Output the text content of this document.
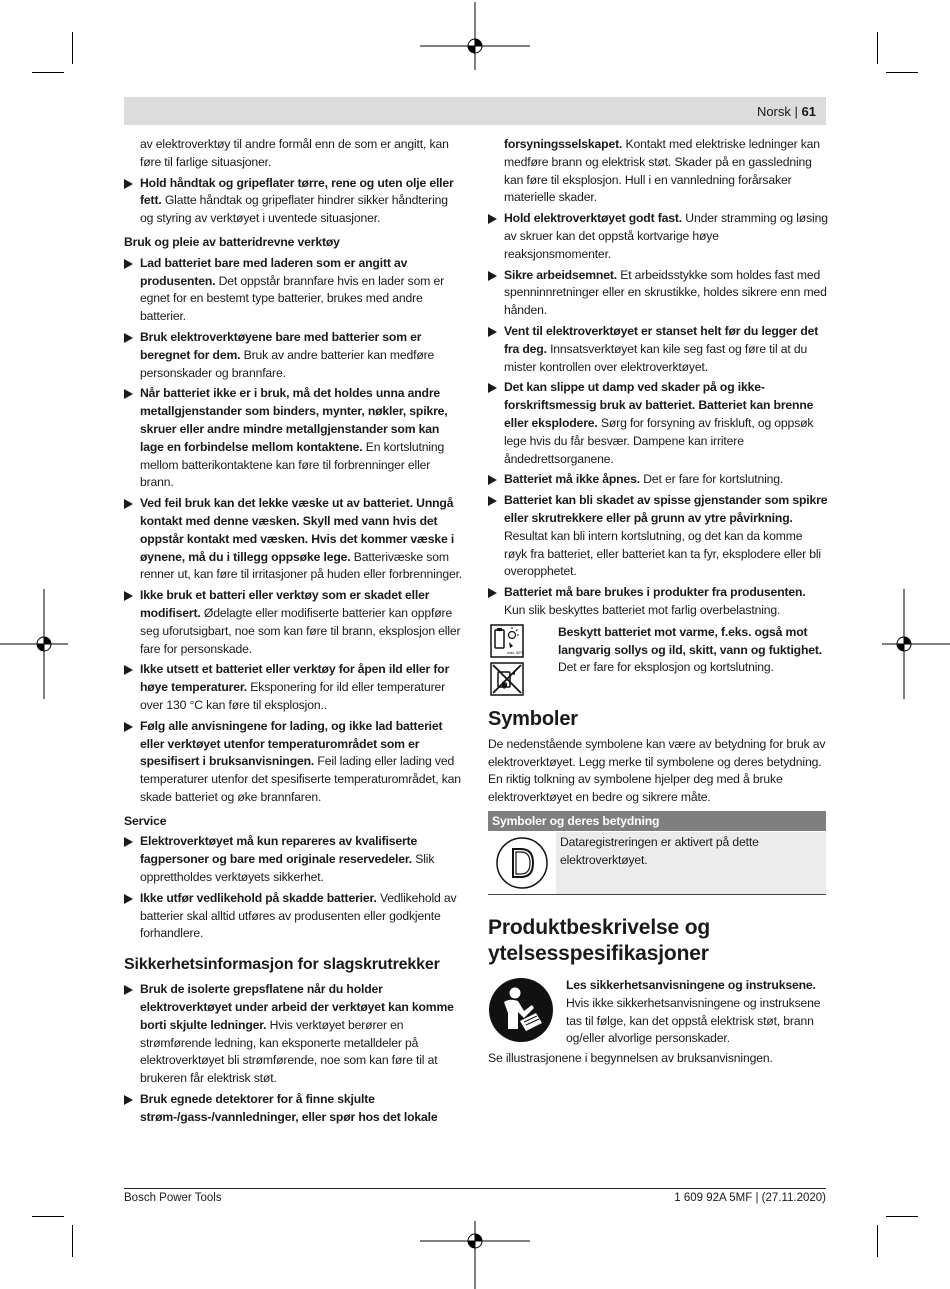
Norsk | 61
av elektroverktøy til andre formål enn de som er angitt, kan føre til farlige situasjoner.
Hold håndtak og gripeflater tørre, rene og uten olje eller fett. Glatte håndtak og gripeflater hindrer sikker håndtering og styring av verktøyet i uventede situasjoner.
Bruk og pleie av batteridrevne verktøy
Lad batteriet bare med laderen som er angitt av produsenten. Det oppstår brannfare hvis en lader som er egnet for en bestemt type batterier, brukes med andre batterier.
Bruk elektroverktøyene bare med batterier som er beregnet for dem. Bruk av andre batterier kan medføre personskader og brannfare.
Når batteriet ikke er i bruk, må det holdes unna andre metallgjenstander som binders, mynter, nøkler, spikre, skruer eller andre mindre metallgjenstander som kan lage en forbindelse mellom kontaktene. En kortslutning mellom batterikontaktene kan føre til forbrenninger eller brann.
Ved feil bruk kan det lekke væske ut av batteriet. Unngå kontakt med denne væsken. Skyll med vann hvis det oppstår kontakt med væsken. Hvis det kommer væske i øynene, må du i tillegg oppsøke lege. Batterivæske som renner ut, kan føre til irritasjoner på huden eller forbrenninger.
Ikke bruk et batteri eller verktøy som er skadet eller modifisert. Ødelagte eller modifiserte batterier kan oppføre seg uforutsigbart, noe som kan føre til brann, eksplosjon eller fare for personskade.
Ikke utsett et batteriet eller verktøy for åpen ild eller for høye temperaturer. Eksponering for ild eller temperaturer over 130 °C kan føre til eksplosjon..
Følg alle anvisningene for lading, og ikke lad batteriet eller verktøyet utenfor temperaturområdet som er spesifisert i bruksanvisningen. Feil lading eller lading ved temperaturer utenfor det spesifiserte temperaturområdet, kan skade batteriet og øke brannfaren.
Service
Elektroverktøyet må kun repareres av kvalifiserte fagpersoner og bare med originale reservedeler. Slik opprettholdes verktøyets sikkerhet.
Ikke utfør vedlikehold på skadde batterier. Vedlikehold av batterier skal alltid utføres av produsenten eller godkjente forhandlere.
Sikkerhetsinformasjon for slagskrutrekker
Bruk de isolerte grepsflatene når du holder elektroverktøyet under arbeid der verktøyet kan komme borti skjulte ledninger. Hvis verktøyet berører en strømførende ledning, kan eksponerte metalldeler på elektroverktøyet bli strømførende, noe som kan føre til at brukeren får elektrisk støt.
Bruk egnede detektorer for å finne skjulte strøm-/gass-/vannledninger, eller spør hos det lokale
forsyningsselskapet. Kontakt med elektriske ledninger kan medføre brann og elektrisk støt. Skader på en gassledning kan føre til eksplosjon. Hull i en vannledning forårsaker materielle skader.
Hold elektroverktøyet godt fast. Under stramming og løsing av skruer kan det oppstå kortvarige høye reaksjonsmomenter.
Sikre arbeidsemnet. Et arbeidsstykke som holdes fast med spenninnretninger eller en skrustikke, holdes sikrere enn med hånden.
Vent til elektroverktøyet er stanset helt før du legger det fra deg. Innsatsverktøyet kan kile seg fast og føre til at du mister kontrollen over elektroverktøyet.
Det kan slippe ut damp ved skader på og ikke-forskriftsmessig bruk av batteriet. Batteriet kan brenne eller eksplodere. Sørg for forsyning av friskluft, og oppsøk lege hvis du får besvær. Dampene kan irritere åndedrettsorganene.
Batteriet må ikke åpnes. Det er fare for kortslutning.
Batteriet kan bli skadet av spisse gjenstander som spikre eller skrutrekkere eller på grunn av ytre påvirkning. Resultat kan bli intern kortslutning, og det kan da komme røyk fra batteriet, eller batteriet kan ta fyr, eksplodere eller bli overopphetet.
Batteriet må bare brukes i produkter fra produsenten. Kun slik beskyttes batteriet mot farlig overbelastning.
max. 50°C
Beskytt batteriet mot varme, f.eks. også mot langvarig sollys og ild, skitt, vann og fuktighet. Det er fare for eksplosjon og kortslutning.
Symboler
De nedenstående symbolene kan være av betydning for bruk av elektroverktøyet. Legg merke til symbolene og deres betydning. En riktig tolkning av symbolene hjelper deg med å bruke elektroverktøyet en bedre og sikrere måte.
Symboler og deres betydning
Dataregistreringen er aktivert på dette elektroverktøyet.
Produktbeskrivelse og ytelsesspesifikasjoner
Les sikkerhetsanvisningene og instruksene. Hvis ikke sikkerhetsanvisningene og instruksene tas til følge, kan det oppstå elektrisk støt, brann og/eller alvorlige personskader.
Se illustrasjonene i begynnelsen av bruksanvisningen.
Bosch Power Tools	1 609 92A 5MF | (27.11.2020)
